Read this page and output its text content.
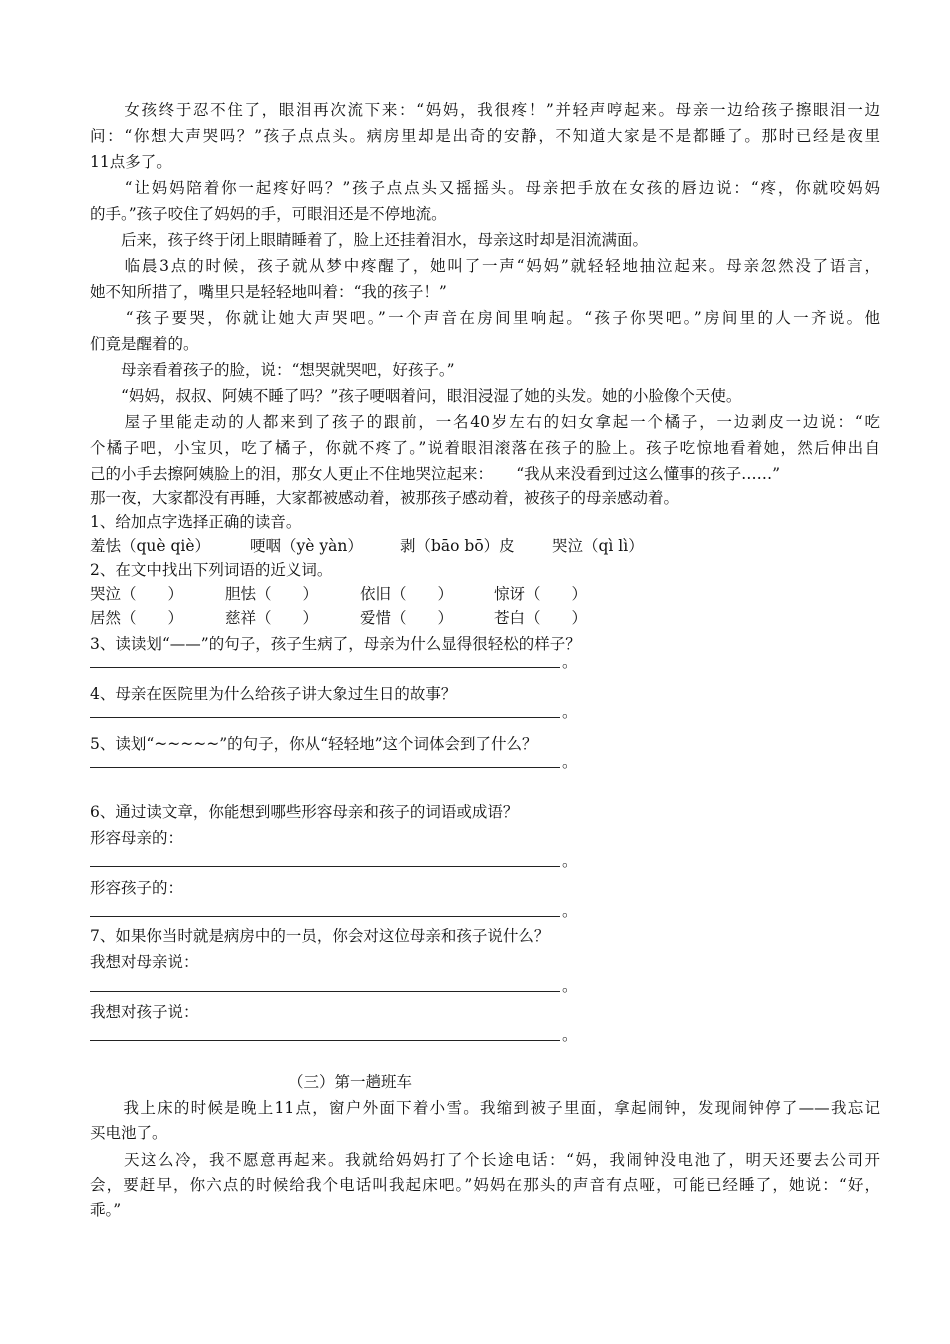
　　女孩终于忍不住了，眼泪再次流下来：“妈妈，我很疼！”并轻声哼起来。母亲一边给孩子擦眼泪一边
问：“你想大声哭吗？”孩子点点头。病房里却是出奇的安静，不知道大家是不是都睡了。那时已经是夜里
11点多了。
　　“让妈妈陪着你一起疼好吗？”孩子点点头又摇摇头。母亲把手放在女孩的唇边说：“疼，你就咬妈妈
的手。”孩子咬住了妈妈的手，可眼泪还是不停地流。
　　后来，孩子终于闭上眼睛睡着了，脸上还挂着泪水，母亲这时却是泪流满面。
　　临晨3点的时候，孩子就从梦中疼醒了，她叫了一声“妈妈”就轻轻地抽泣起来。母亲忽然没了语言，
她不知所措了，嘴里只是轻轻地叫着：“我的孩子！”
　　“孩子要哭，你就让她大声哭吧。”一个声音在房间里响起。“孩子你哭吧。”房间里的人一齐说。他
们竟是醒着的。
　　母亲看着孩子的脸，说：“想哭就哭吧，好孩子。”
　　“妈妈，叔叔、阿姨不睡了吗？”孩子哽咽着问，眼泪浸湿了她的头发。她的小脸像个天使。
　　屋子里能走动的人都来到了孩子的跟前，一名40岁左右的妇女拿起一个橘子，一边剥皮一边说：“吃
个橘子吧，小宝贝，吃了橘子，你就不疼了。”说着眼泪滚落在孩子的脸上。孩子吃惊地看着她，然后伸出自
己的小手去擦阿姨脸上的泪，那女人更止不住地哭泣起来：　　“我从来没看到过这么懂事的孩子……”
那一夜，大家都没有再睡，大家都被感动着，被那孩子感动着，被孩子的母亲感动着。
1、给加点字选择正确的读音。
羞怯（què qiè）	哽咽（yè yàn） 剥（bāo bō）皮 哭泣（qì lì）
2、在文中找出下列词语的近义词。
哭泣（　　）	胆怯（　　）	依旧（　　）	惊讶（　　）
居然（　　）	慈祥（　　）	爱惜（　　）	苍白（　　）
3、读读划“——”的句子，孩子生病了，母亲为什么显得很轻松的样子？
。
4、母亲在医院里为什么给孩子讲大象过生日的故事？
。
5、读划“~~~~~”的句子，你从“轻轻地”这个词体会到了什么？
。
6、通过读文章，你能想到哪些形容母亲和孩子的词语或成语？
形容母亲的：
。
形容孩子的：
。
7、如果你当时就是病房中的一员，你会对这位母亲和孩子说什么？
我想对母亲说：
。
我想对孩子说：
。
（三）第一趟班车
　　我上床的时候是晚上11点，窗户外面下着小雪。我缩到被子里面，拿起闹钟，发现闹钟停了——我忘记
买电池了。
　　天这么冷，我不愿意再起来。我就给妈妈打了个长途电话：“妈，我闹钟没电池了，明天还要去公司开
会，要赶早，你六点的时候给我个电话叫我起床吧。”妈妈在那头的声音有点哑，可能已经睡了，她说：“好，
乖。”
